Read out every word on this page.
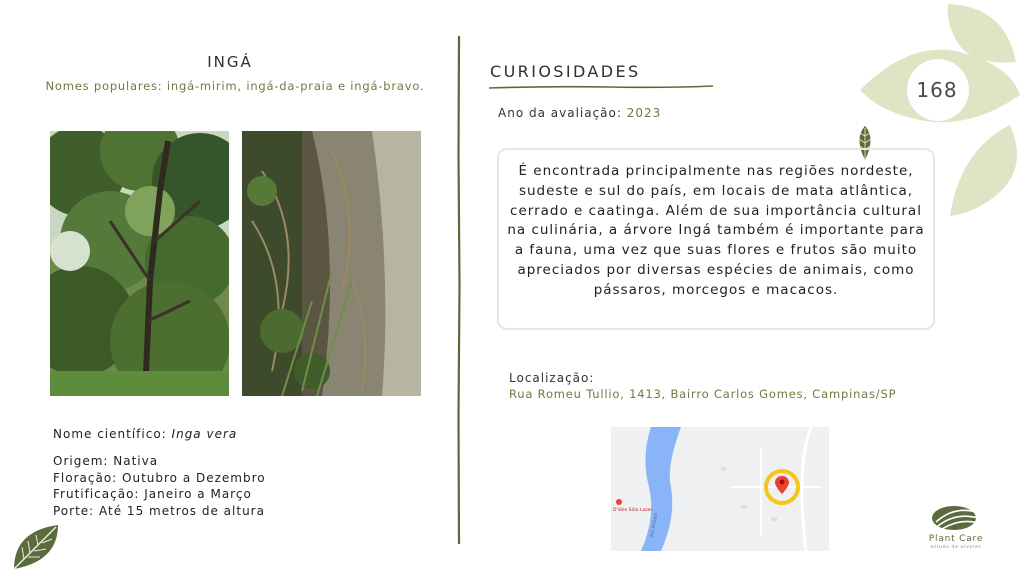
INGÁ
Nomes populares: ingá-mirim, ingá-da-praia e ingá-bravo.
Nome científico: Inga vera
Origem: Nativa
Floração: Outubro a Dezembro
Frutificação: Janeiro a Março
Porte: Até 15 metros de altura
CURIOSIDADES
Ano da avaliação: 2023
É encontrada principalmente nas regiões nordeste, sudeste e sul do país, em locais de mata atlântica, cerrado e caatinga. Além de sua importância cultural na culinária, a árvore Ingá também é importante para a fauna, uma vez que suas flores e frutos são muito apreciados por diversas espécies de animais, como pássaros, morcegos e macacos.
Localização:
Rua Romeu Tullio, 1413, Bairro Carlos Gomes, Campinas/SP
D'Vale Sítio Lazer
Rio Atibaia
168
Plant Care
estudo de arvores
